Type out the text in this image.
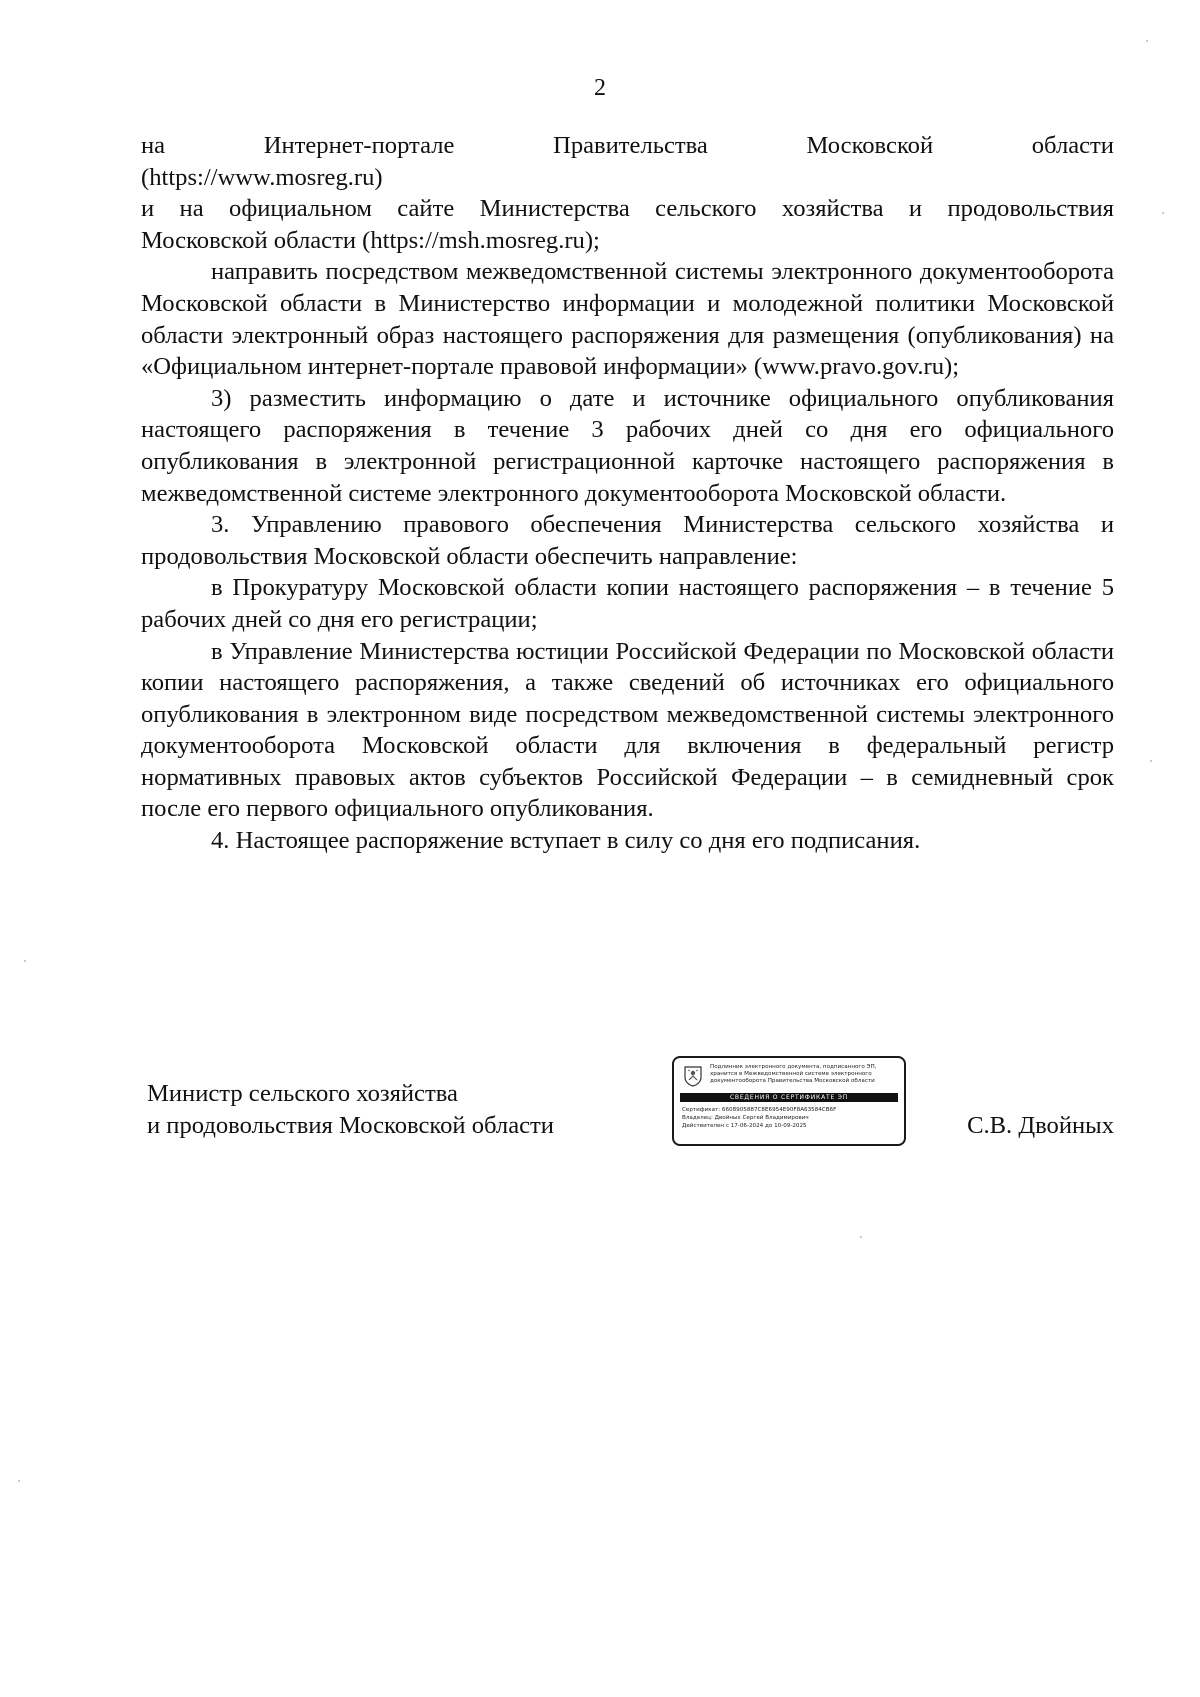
2
на	Интернет-портале	Правительства	Московской	области
(https://www.mosreg.ru)
и на официальном сайте Министерства сельского хозяйства и продовольствия
Московской области (https://msh.mosreg.ru);

направить посредством межведомственной системы электронного документооборота Московской области в Министерство информации и молодежной политики Московской области электронный образ настоящего распоряжения для размещения (опубликования) на «Официальном интернет-портале правовой информации» (www.pravo.gov.ru);

3) разместить информацию о дате и источнике официального опубликования настоящего распоряжения в течение 3 рабочих дней со дня его официального опубликования в электронной регистрационной карточке настоящего распоряжения в межведомственной системе электронного документооборота Московской области.

3. Управлению правового обеспечения Министерства сельского хозяйства и продовольствия Московской области обеспечить направление:

в Прокуратуру Московской области копии настоящего распоряжения – в течение 5 рабочих дней со дня его регистрации;

в Управление Министерства юстиции Российской Федерации по Московской области копии настоящего распоряжения, а также сведений об источниках его официального опубликования в электронном виде посредством межведомственной системы электронного документооборота Московской области для включения в федеральный регистр нормативных правовых актов субъектов Российской Федерации – в семидневный срок после его первого официального опубликования.

4. Настоящее распоряжение вступает в силу со дня его подписания.

Министр сельского хозяйства
и продовольствия Московской области	С.В. Двойных
Подлинник электронного документа, подписанного ЭП,
хранится в Межведомственной системе электронного
документооборота Правительства Московской области
СВЕДЕНИЯ О СЕРТИФИКАТЕ ЭП
Сертификат: 6608905887C8E6954E90F8A63584CB6F
Владелец: Двойных Сергей Владимирович
Действителен с 17-06-2024 до 10-09-2025
